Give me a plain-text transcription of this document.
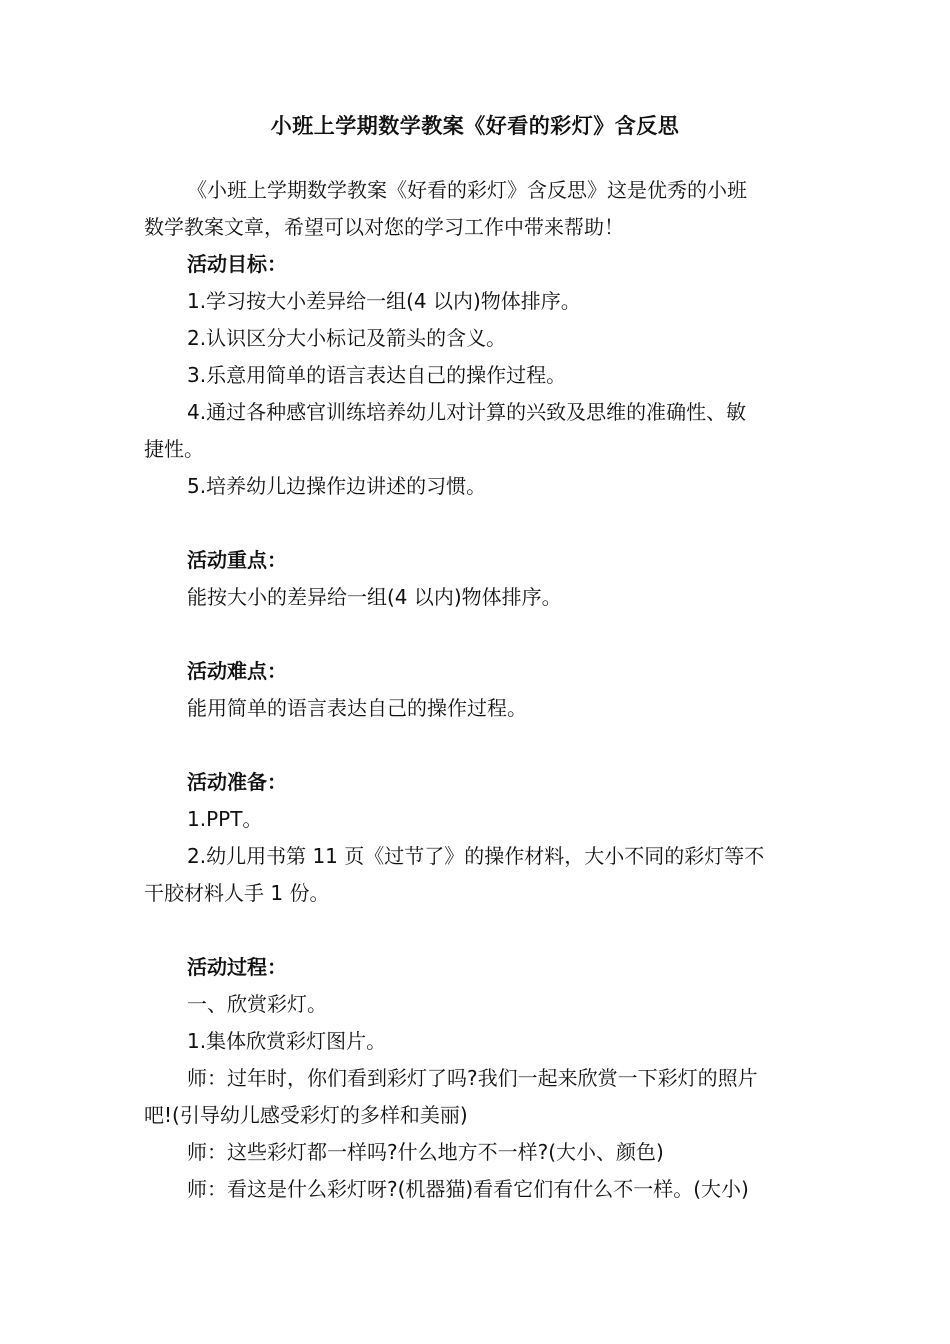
小班上学期数学教案《好看的彩灯》含反思
《小班上学期数学教案《好看的彩灯》含反思》这是优秀的小班
数学教案文章，希望可以对您的学习工作中带来帮助！
活动目标：
1.学习按大小差异给一组(4 以内)物体排序。
2.认识区分大小标记及箭头的含义。
3.乐意用简单的语言表达自己的操作过程。
4.通过各种感官训练培养幼儿对计算的兴致及思维的准确性、敏
捷性。
5.培养幼儿边操作边讲述的习惯。
活动重点：
能按大小的差异给一组(4 以内)物体排序。
活动难点：
能用简单的语言表达自己的操作过程。
活动准备：
1.PPT。
2.幼儿用书第 11 页《过节了》的操作材料，大小不同的彩灯等不
干胶材料人手 1 份。
活动过程：
一、欣赏彩灯。
1.集体欣赏彩灯图片。
师：过年时，你们看到彩灯了吗?我们一起来欣赏一下彩灯的照片
吧!(引导幼儿感受彩灯的多样和美丽)
师：这些彩灯都一样吗?什么地方不一样?(大小、颜色)
师：看这是什么彩灯呀?(机器猫)看看它们有什么不一样。(大小)
